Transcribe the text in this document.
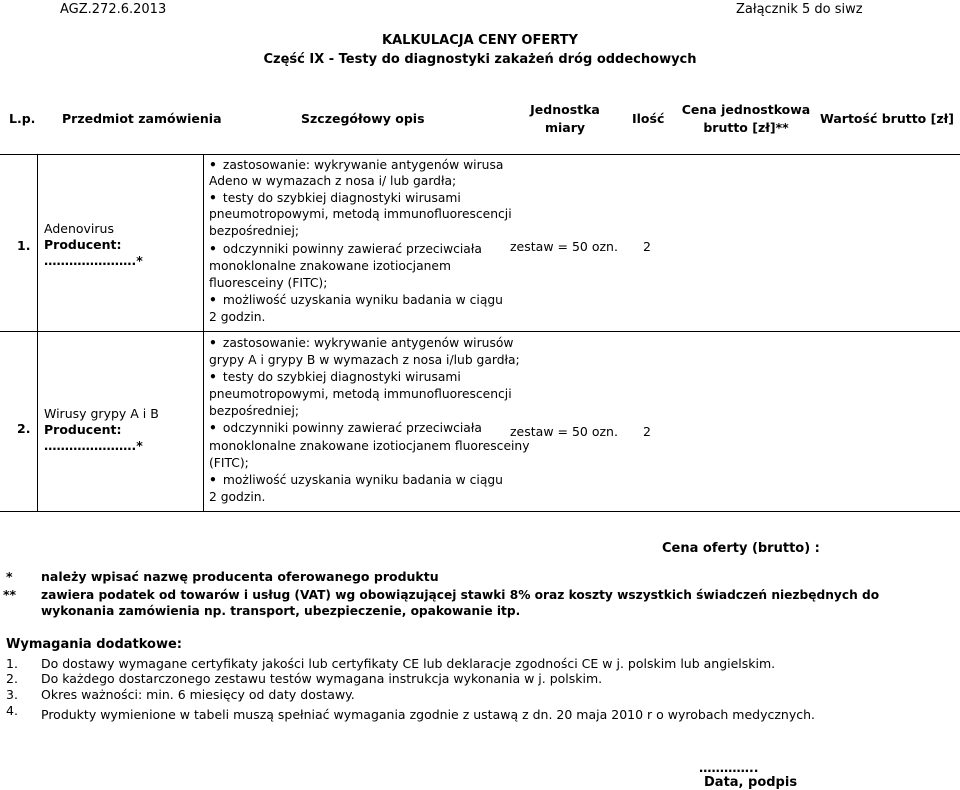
AGZ.272.6.2013	Załącznik 5 do siwz
KALKULACJA CENY OFERTY
Część IX - Testy do diagnostyki zakażeń dróg oddechowych
L.p. Przedmiot zamówienia	Szczegółowy opis
Jednostka
miary
Ilość
Cena jednostkowa
brutto [zł]**
Wartość brutto [zł]
1.
Adenovirus
Producent:
………………….*
• zastosowanie: wykrywanie antygenów wirusa
Adeno w wymazach z nosa i/ lub gardła;
• testy do szybkiej diagnostyki wirusami
pneumotropowymi, metodą immunofluorescencji
bezpośredniej;
• odczynniki powinny zawierać przeciwciała
monoklonalne znakowane izotiocjanem
fluoresceiny (FITC);
• możliwość uzyskania wyniku badania w ciągu
2 godzin.
zestaw = 50 ozn. 2
2.
Wirusy grypy A i B
Producent:
………………….*
• zastosowanie: wykrywanie antygenów wirusów
grypy A i grypy B w wymazach z nosa i/lub gardła;
• testy do szybkiej diagnostyki wirusami
pneumotropowymi, metodą immunofluorescencji
bezpośredniej;
• odczynniki powinny zawierać przeciwciała
monoklonalne znakowane izotiocjanem fluoresceiny
(FITC);
• możliwość uzyskania wyniku badania w ciągu
2 godzin.
zestaw = 50 ozn. 2
Cena oferty (brutto) :
* należy wpisać nazwę producenta oferowanego produktu
** zawiera podatek od towarów i usług (VAT) wg obowiązującej stawki 8% oraz koszty wszystkich świadczeń niezbędnych do wykonania zamówienia np. transport, ubezpieczenie, opakowanie itp.
Wymagania dodatkowe:
1. Do dostawy wymagane certyfikaty jakości lub certyfikaty CE lub deklaracje zgodności CE w j. polskim lub angielskim.
2. Do każdego dostarczonego zestawu testów wymagana instrukcja wykonania w j. polskim.
3. Okres ważności: min. 6 miesięcy od daty dostawy.
4. Produkty wymienione w tabeli muszą spełniać wymagania zgodnie z ustawą z dn. 20 maja 2010 r o wyrobach medycznych.
…………..
Data, podpis
